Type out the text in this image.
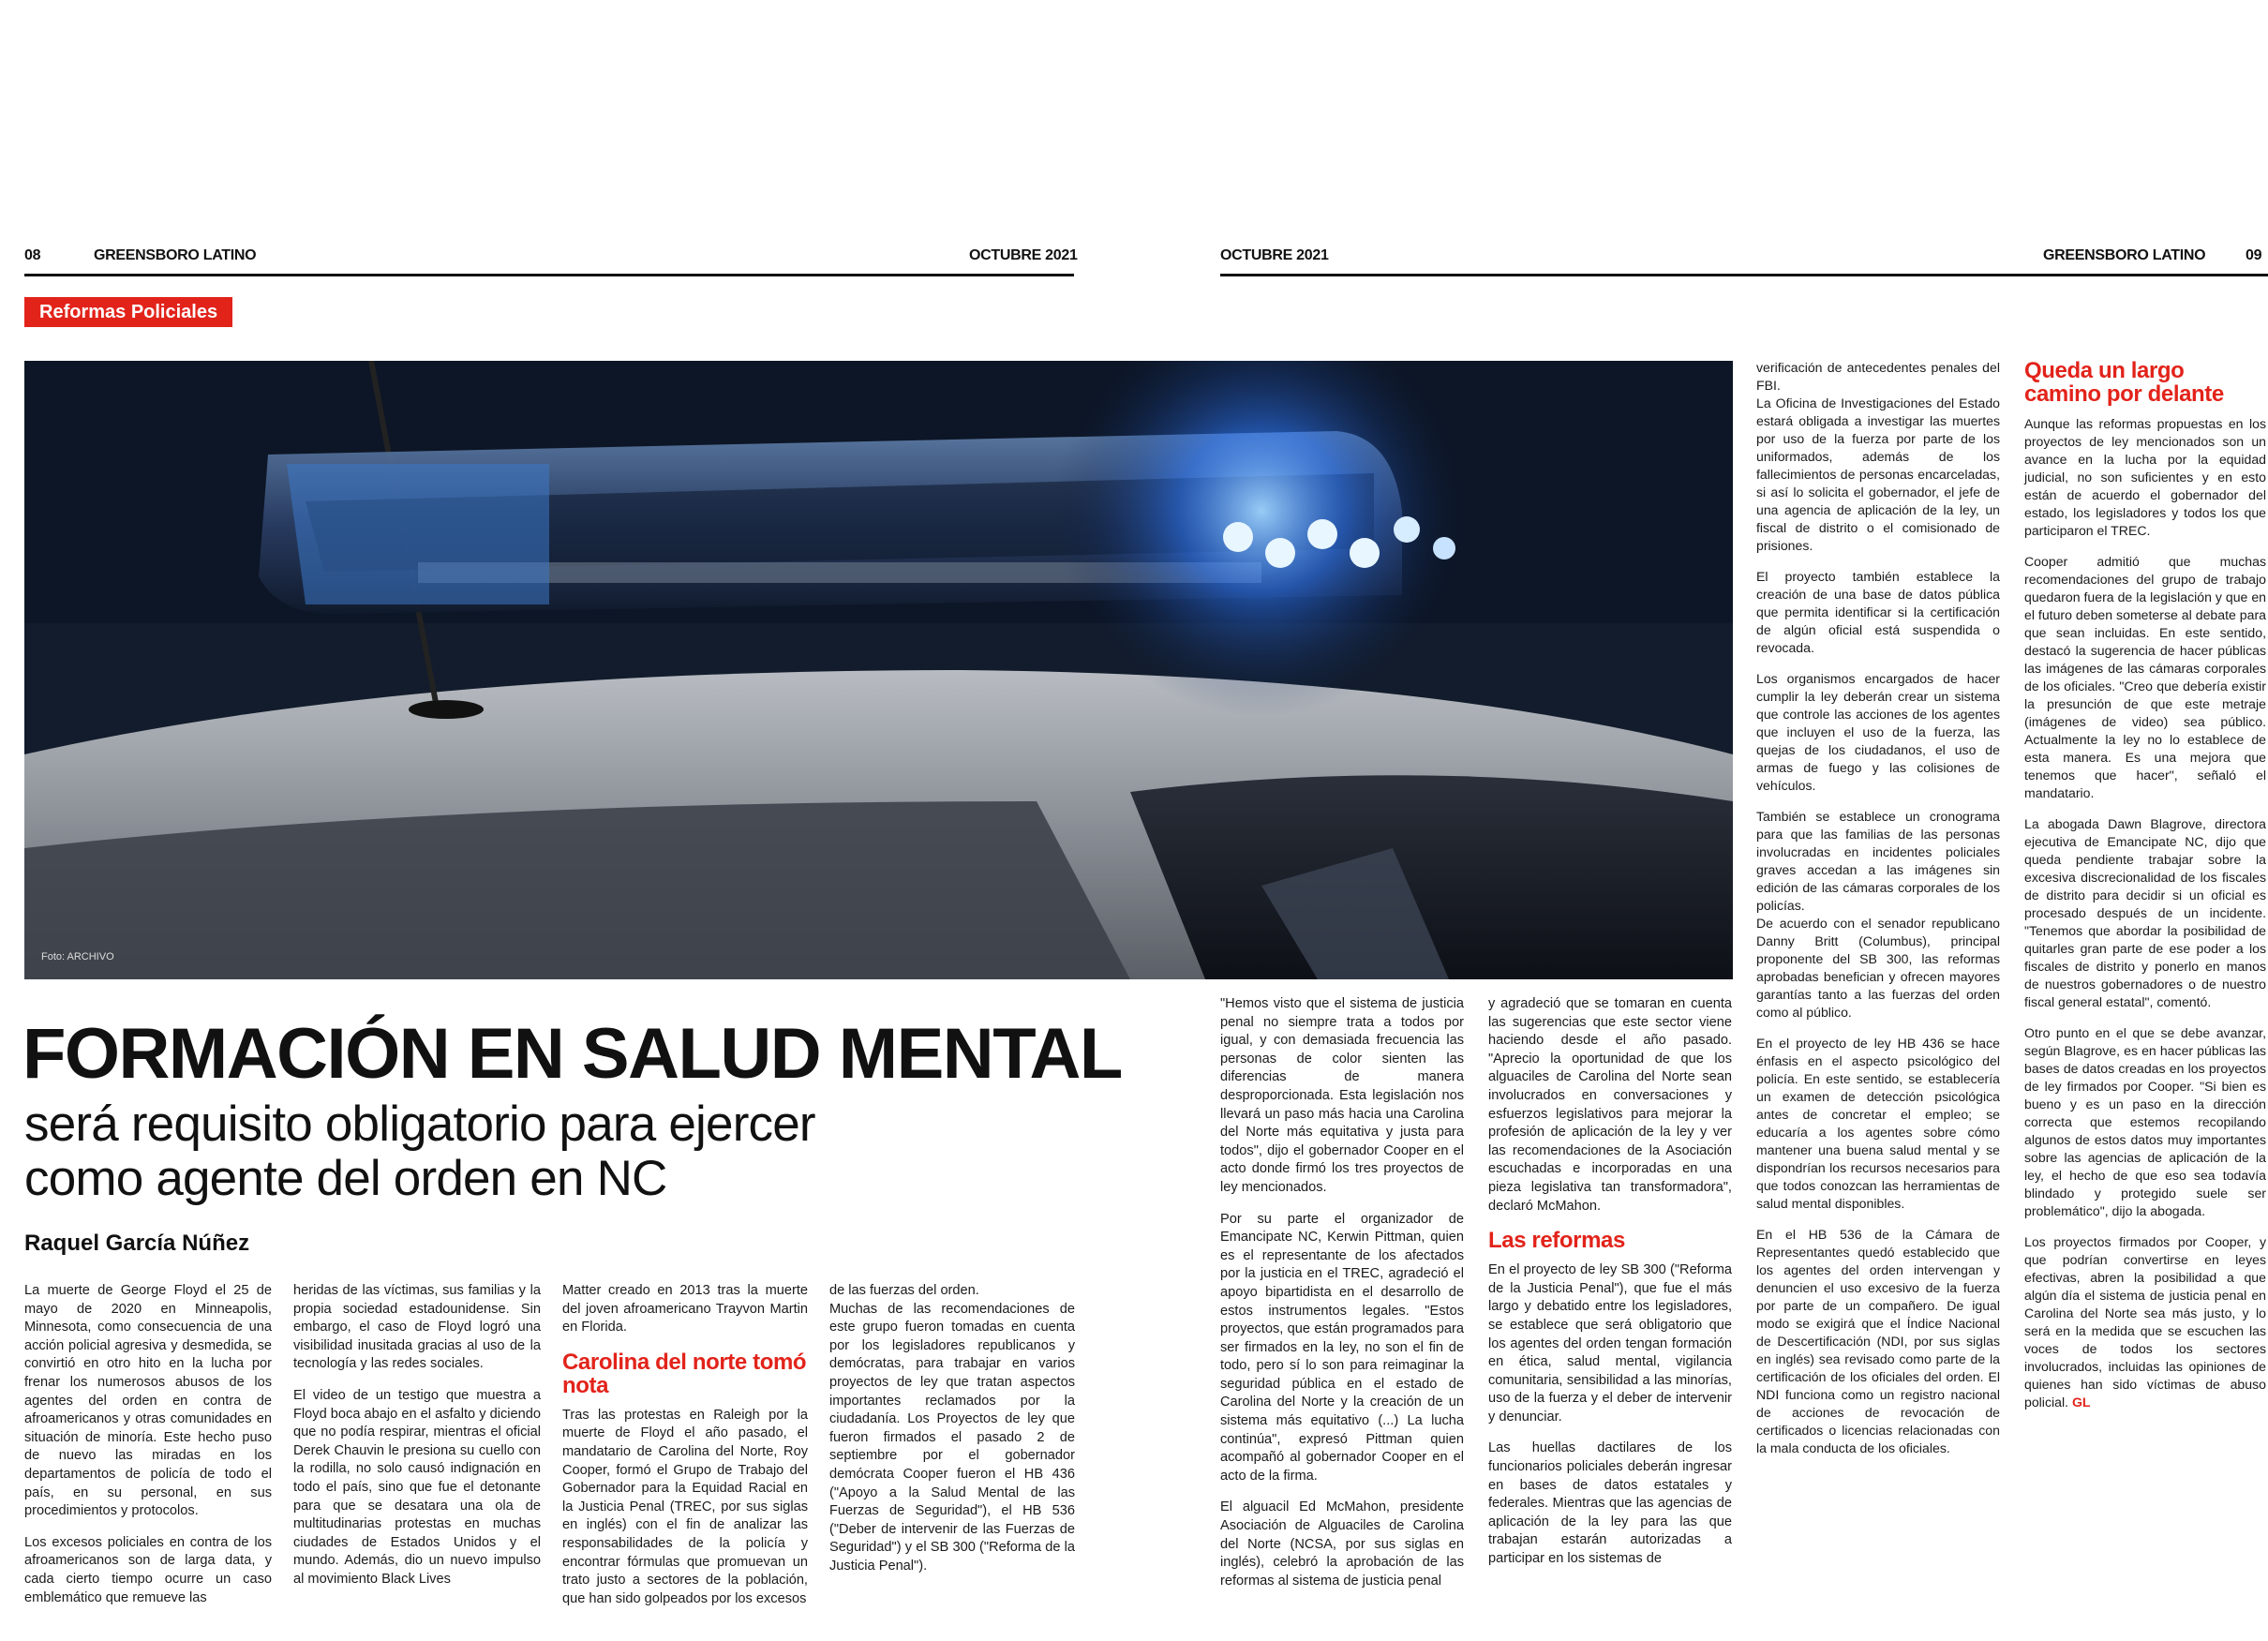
08	GREENSBORO LATINO	OCTUBRE 2021	OCTUBRE 2021	GREENSBORO LATINO	09
Reformas Policiales
Foto: ARCHIVO
FORMACIÓN EN SALUD MENTAL
será requisito obligatorio para ejercer
como agente del orden en NC
Raquel García Núñez

La muerte de George Floyd el 25 de mayo de 2020 en Minneapolis, Minnesota, como consecuencia de una acción policial agresiva y desmedida, se convirtió en otro hito en la lucha por frenar los numerosos abusos de los agentes del orden en contra de afroamericanos y otras comunidades en situación de minoría. Este hecho puso de nuevo las miradas en los departamentos de policía de todo el país, en su personal, en sus procedimientos y protocolos.

Los excesos policiales en contra de los afroamericanos son de larga data, y cada cierto tiempo ocurre un caso emblemático que remueve las

heridas de las víctimas, sus familias y la propia sociedad estadounidense. Sin embargo, el caso de Floyd logró una visibilidad inusitada gracias al uso de la tecnología y las redes sociales.

El video de un testigo que muestra a Floyd boca abajo en el asfalto y diciendo que no podía respirar, mientras el oficial Derek Chauvin le presiona su cuello con la rodilla, no solo causó indignación en todo el país, sino que fue el detonante para que se desatara una ola de multitudinarias protestas en muchas ciudades de Estados Unidos y el mundo. Además, dio un nuevo impulso al movimiento Black Lives

Matter creado en 2013 tras la muerte del joven afroamericano Trayvon Martin en Florida.

Carolina del norte tomó nota

Tras las protestas en Raleigh por la muerte de Floyd el año pasado, el mandatario de Carolina del Norte, Roy Cooper, formó el Grupo de Trabajo del Gobernador para la Equidad Racial en la Justicia Penal (TREC, por sus siglas en inglés) con el fin de analizar las responsabilidades de la policía y encontrar fórmulas que promuevan un trato justo a sectores de la población, que han sido golpeados por los excesos

de las fuerzas del orden.

Muchas de las recomendaciones de este grupo fueron tomadas en cuenta por los legisladores republicanos y demócratas, para trabajar en varios proyectos de ley que tratan aspectos importantes reclamados por la ciudadanía. Los Proyectos de ley que fueron firmados el pasado 2 de septiembre por el gobernador demócrata Cooper fueron el HB 436 ("Apoyo a la Salud Mental de las Fuerzas de Seguridad"), el HB 536 ("Deber de intervenir de las Fuerzas de Seguridad") y el SB 300 ("Reforma de la Justicia Penal").

"Hemos visto que el sistema de justicia penal no siempre trata a todos por igual, y con demasiada frecuencia las personas de color sienten las diferencias de manera desproporcionada. Esta legislación nos llevará un paso más hacia una Carolina del Norte más equitativa y justa para todos", dijo el gobernador Cooper en el acto donde firmó los tres proyectos de ley mencionados.

Por su parte el organizador de Emancipate NC, Kerwin Pittman, quien es el representante de los afectados por la justicia en el TREC, agradeció el apoyo bipartidista en el desarrollo de estos instrumentos legales. "Estos proyectos, que están programados para ser firmados en la ley, no son el fin de todo, pero sí lo son para reimaginar la seguridad pública en el estado de Carolina del Norte y la creación de un sistema más equitativo (...) La lucha continúa", expresó Pittman quien acompañó al gobernador Cooper en el acto de la firma.

El alguacil Ed McMahon, presidente Asociación de Alguaciles de Carolina del Norte (NCSA, por sus siglas en inglés), celebró la aprobación de las reformas al sistema de justicia penal

y agradeció que se tomaran en cuenta las sugerencias que este sector viene haciendo desde el año pasado. "Aprecio la oportunidad de que los alguaciles de Carolina del Norte sean involucrados en conversaciones y esfuerzos legislativos para mejorar la profesión de aplicación de la ley y ver las recomendaciones de la Asociación escuchadas e incorporadas en una pieza legislativa tan transformadora", declaró McMahon.

Las reformas

En el proyecto de ley SB 300 ("Reforma de la Justicia Penal"), que fue el más largo y debatido entre los legisladores, se establece que será obligatorio que los agentes del orden tengan formación en ética, salud mental, vigilancia comunitaria, sensibilidad a las minorías, uso de la fuerza y el deber de intervenir y denunciar.

Las huellas dactilares de los funcionarios policiales deberán ingresar en bases de datos estatales y federales. Mientras que las agencias de aplicación de la ley para las que trabajan estarán autorizadas a participar en los sistemas de

verificación de antecedentes penales del FBI.

La Oficina de Investigaciones del Estado estará obligada a investigar las muertes por uso de la fuerza por parte de los uniformados, además de los fallecimientos de personas encarceladas, si así lo solicita el gobernador, el jefe de una agencia de aplicación de la ley, un fiscal de distrito o el comisionado de prisiones.

El proyecto también establece la creación de una base de datos pública que permita identificar si la certificación de algún oficial está suspendida o revocada.

Los organismos encargados de hacer cumplir la ley deberán crear un sistema que controle las acciones de los agentes que incluyen el uso de la fuerza, las quejas de los ciudadanos, el uso de armas de fuego y las colisiones de vehículos.

También se establece un cronograma para que las familias de las personas involucradas en incidentes policiales graves accedan a las imágenes sin edición de las cámaras corporales de los policías.

De acuerdo con el senador republicano Danny Britt (Columbus), principal proponente del SB 300, las reformas aprobadas benefician y ofrecen mayores garantías tanto a las fuerzas del orden como al público.

En el proyecto de ley HB 436 se hace énfasis en el aspecto psicológico del policía. En este sentido, se establecería un examen de detección psicológica antes de concretar el empleo; se educaría a los agentes sobre cómo mantener una buena salud mental y se dispondrían los recursos necesarios para que todos conozcan las herramientas de salud mental disponibles.

En el HB 536 de la Cámara de Representantes quedó establecido que los agentes del orden intervengan y denuncien el uso excesivo de la fuerza por parte de un compañero. De igual modo se exigirá que el Índice Nacional de Descertificación (NDI, por sus siglas en inglés) sea revisado como parte de la certificación de los oficiales del orden. El NDI funciona como un registro nacional de acciones de revocación de certificados o licencias relacionadas con la mala conducta de los oficiales.

Queda un largo camino por delante

Aunque las reformas propuestas en los proyectos de ley mencionados son un avance en la lucha por la equidad judicial, no son suficientes y en esto están de acuerdo el gobernador del estado, los legisladores y todos los que participaron el TREC.

Cooper admitió que muchas recomendaciones del grupo de trabajo quedaron fuera de la legislación y que en el futuro deben someterse al debate para que sean incluidas. En este sentido, destacó la sugerencia de hacer públicas las imágenes de las cámaras corporales de los oficiales. "Creo que debería existir la presunción de que este metraje (imágenes de video) sea público. Actualmente la ley no lo establece de esta manera. Es una mejora que tenemos que hacer", señaló el mandatario.

La abogada Dawn Blagrove, directora ejecutiva de Emancipate NC, dijo que queda pendiente trabajar sobre la excesiva discrecionalidad de los fiscales de distrito para decidir si un oficial es procesado después de un incidente. "Tenemos que abordar la posibilidad de quitarles gran parte de ese poder a los fiscales de distrito y ponerlo en manos de nuestros gobernadores o de nuestro fiscal general estatal", comentó.

Otro punto en el que se debe avanzar, según Blagrove, es en hacer públicas las bases de datos creadas en los proyectos de ley firmados por Cooper. "Si bien es bueno y es un paso en la dirección correcta que estemos recopilando algunos de estos datos muy importantes sobre las agencias de aplicación de la ley, el hecho de que eso sea todavía blindado y protegido suele ser problemático", dijo la abogada.

Los proyectos firmados por Cooper, y que podrían convertirse en leyes efectivas, abren la posibilidad a que algún día el sistema de justicia penal en Carolina del Norte sea más justo, y lo será en la medida que se escuchen las voces de todos los sectores involucrados, incluidas las opiniones de quienes han sido víctimas de abuso policial. GL
